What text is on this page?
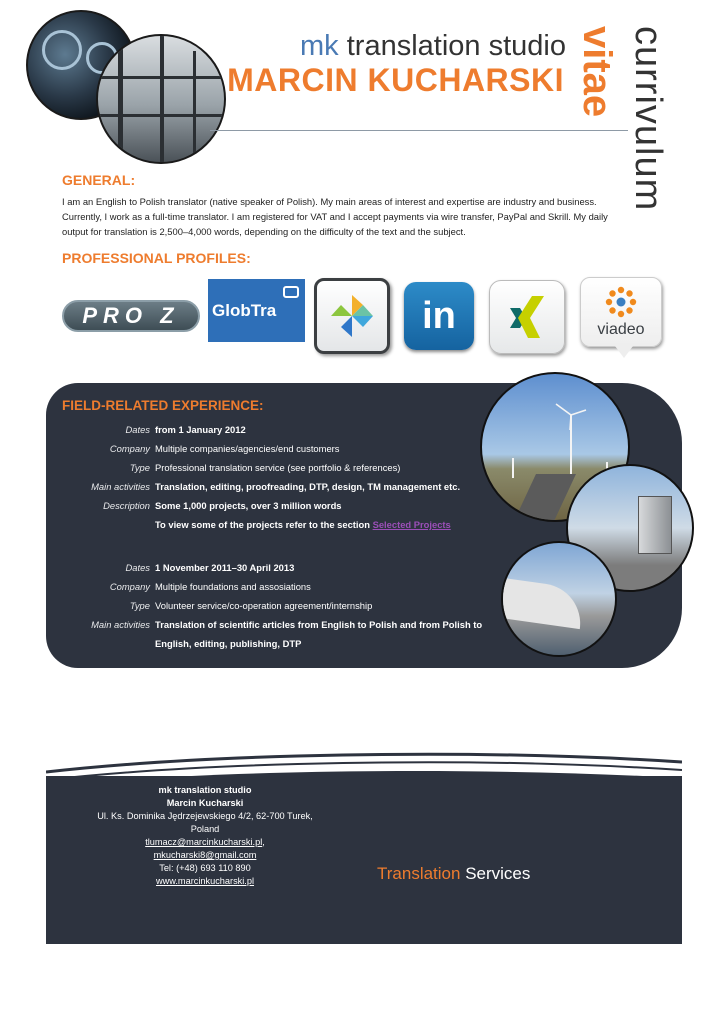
mk translation studio
MARCIN KUCHARSKI vitae currivulum
GENERAL:
I am an English to Polish translator (native speaker of Polish). My main areas of interest and expertise are industry and business. Currently, I work as a full-time translator. I am registered for VAT and I accept payments via wire transfer, PayPal and Skrill. My daily output for translation is 2,500–4,000 words, depending on the difficulty of the text and the subject.
PROFESSIONAL PROFILES:
PRO Z GlobTra	in	viadeo
FIELD-RELATED EXPERIENCE:
Dates from 1 January 2012
Company Multiple companies/agencies/end customers
Type Professional translation service (see portfolio & references)
Main activities Translation, editing, proofreading, DTP, design, TM management etc.
Description Some 1,000 projects, over 3 million words
To view some of the projects refer to the section Selected Projects
Dates 1 November 2011–30 April 2013
Company Multiple foundations and assosiations
Type Volunteer service/co-operation agreement/internship
Main activities Translation of scientific articles from English to Polish and from Polish to
English, editing, publishing, DTP
mk translation studio
Marcin Kucharski
Ul. Ks. Dominika Jędrzejewskiego 4/2, 62-700 Turek,
Poland
tlumacz@marcinkucharski.pl,
mkucharski8@gmail.com
Tel: (+48) 693 110 890
www.marcinkucharski.pl	Translation Services
